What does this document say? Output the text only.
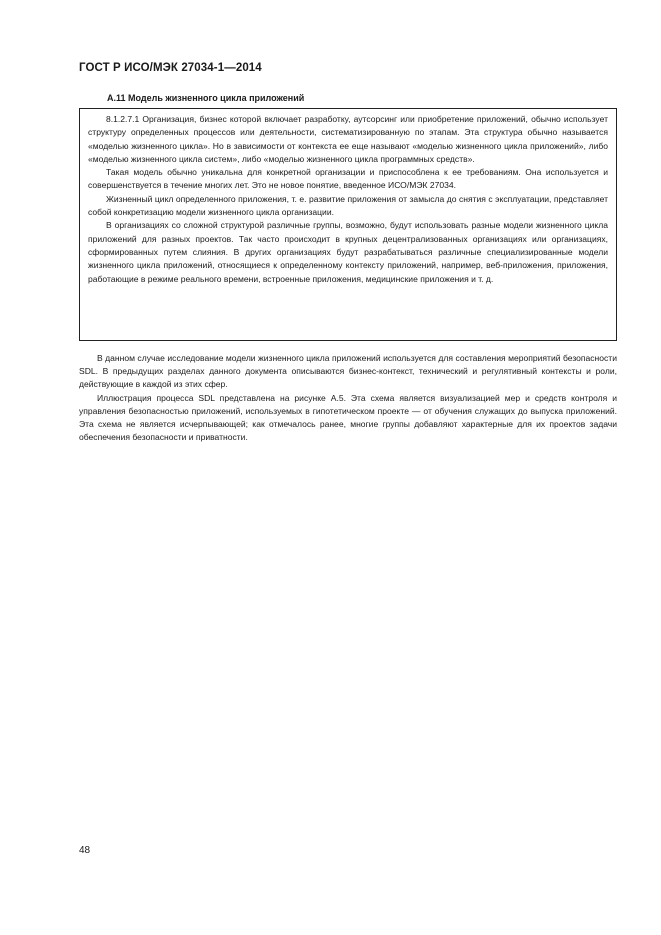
ГОСТ Р ИСО/МЭК 27034-1—2014
А.11 Модель жизненного цикла приложений

8.1.2.7.1 Организация, бизнес которой включает разработку, аутсорсинг или приобретение приложений, обычно использует структуру определенных процессов или деятельности, систематизированную по этапам. Эта структура обычно называется «моделью жизненного цикла». Но в зависимости от контекста ее еще называют «моделью жизненного цикла приложений», либо «моделью жизненного цикла систем», либо «моделью жизненного цикла программных средств».

Такая модель обычно уникальна для конкретной организации и приспособлена к ее требованиям. Она используется и совершенствуется в течение многих лет. Это не новое понятие, введенное ИСО/МЭК 27034.

Жизненный цикл определенного приложения, т. е. развитие приложения от замысла до снятия с эксплуатации, представляет собой конкретизацию модели жизненного цикла организации.

В организациях со сложной структурой различные группы, возможно, будут использовать разные модели жизненного цикла приложений для разных проектов. Так часто происходит в крупных децентрализованных организациях или организациях, сформированных путем слияния. В других организациях будут разрабатываться различные специализированные модели жизненного цикла приложений, относящиеся к определенному контексту приложений, например, веб-приложения, приложения, работающие в режиме реального времени, встроенные приложения, медицинские приложения и т. д.

В данном случае исследование модели жизненного цикла приложений используется для составления мероприятий безопасности SDL. В предыдущих разделах данного документа описываются бизнес-контекст, технический и регулятивный контексты и роли, действующие в каждой из этих сфер.

Иллюстрация процесса SDL представлена на рисунке А.5. Эта схема является визуализацией мер и средств контроля и управления безопасностью приложений, используемых в гипотетическом проекте — от обучения служащих до выпуска приложений. Эта схема не является исчерпывающей; как отмечалось ранее, многие группы добавляют характерные для их проектов задачи обеспечения безопасности и приватности.

48
